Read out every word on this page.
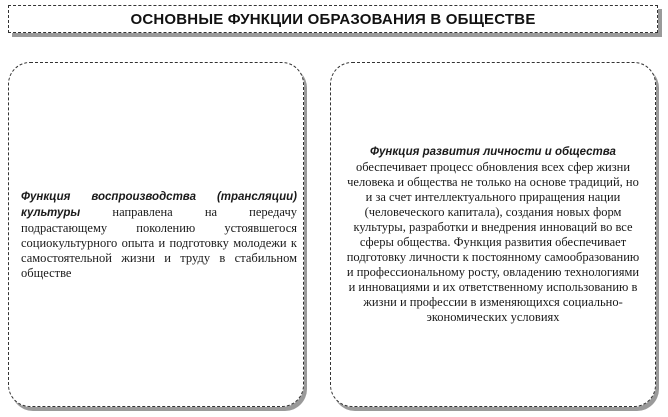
ОСНОВНЫЕ ФУНКЦИИ ОБРАЗОВАНИЯ В ОБЩЕСТВЕ

Функция воспроизводства (трансляции) культуры направлена на передачу подрастающему поколению устоявшегося социокультурного опыта и подготовку молодежи к самостоятельной жизни и труду в стабильном обществе

Функция развития личности и общества обеспечивает процесс обновления всех сфер жизни человека и общества не только на основе традиций, но и за счет интеллектуального приращения нации (человеческого капитала), создания новых форм культуры, разработки и внедрения инноваций во все сферы общества. Функция развития обеспечивает подготовку личности к постоянному самообразованию и профессиональному росту, овладению технологиями и инновациями и их ответственному использованию в жизни и профессии в изменяющихся социально-экономических условиях
